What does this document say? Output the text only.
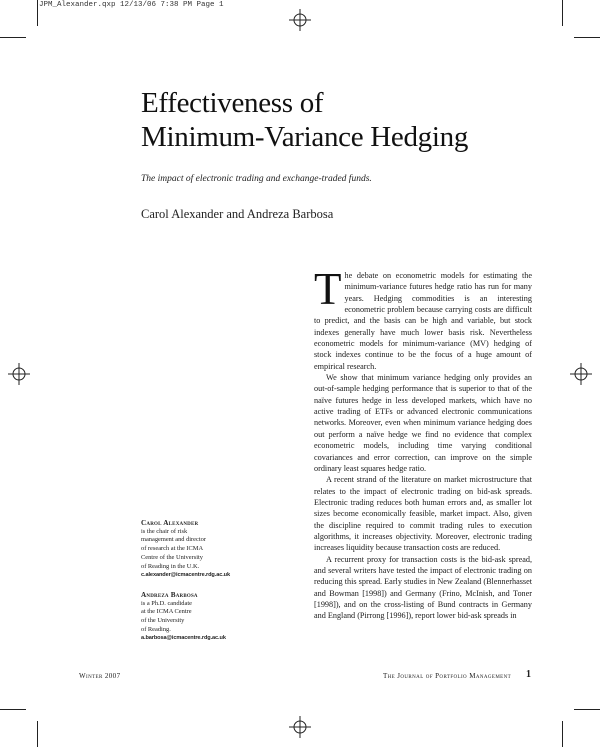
JPM_Alexander.qxp 12/13/06 7:38 PM Page 1
Effectiveness of
Minimum-Variance Hedging
The impact of electronic trading and exchange-traded funds.
Carol Alexander and Andreza Barbosa

The debate on econometric models for estimating the minimum-variance futures hedge ratio has run for many years. Hedging commodities is an interesting econometric problem because carrying costs are difficult to predict, and the basis can be high and variable, but stock indexes generally have much lower basis risk. Nevertheless econometric models for minimum-variance (MV) hedging of stock indexes continue to be the focus of a huge amount of empirical research.

We show that minimum variance hedging only provides an out-of-sample hedging performance that is superior to that of the naïve futures hedge in less developed markets, which have no active trading of ETFs or advanced electronic communications networks. Moreover, even when minimum variance hedging does out perform a naïve hedge we find no evidence that complex econometric models, including time varying conditional covariances and error correction, can improve on the simple ordinary least squares hedge ratio.

A recent strand of the literature on market microstructure that relates to the impact of electronic trading on bid-ask spreads. Electronic trading reduces both human errors and, as smaller lot sizes become economically feasible, market impact. Also, given the discipline required to commit trading rules to execution algorithms, it increases objectivity. Moreover, electronic trading increases liquidity because transaction costs are reduced.

A recurrent proxy for transaction costs is the bid-ask spread, and several writers have tested the impact of electronic trading on reducing this spread. Early studies in New Zealand (Blennerhasset and Bowman [1998]) and Germany (Frino, McInish, and Toner [1998]), and on the cross-listing of Bund contracts in Germany and England (Pirrong [1996]), report lower bid-ask spreads in

Carol Alexander
is the chair of risk
management and director
of research at the ICMA
Centre of the University
of Reading in the U.K.
c.alexander@icmacentre.rdg.ac.uk
Andreza Barbosa
is a Ph.D. candidate
at the ICMA Centre
of the University
of Reading.
a.barbosa@icmacentre.rdg.ac.uk
Winter 2007	The Journal of Portfolio Management 1
